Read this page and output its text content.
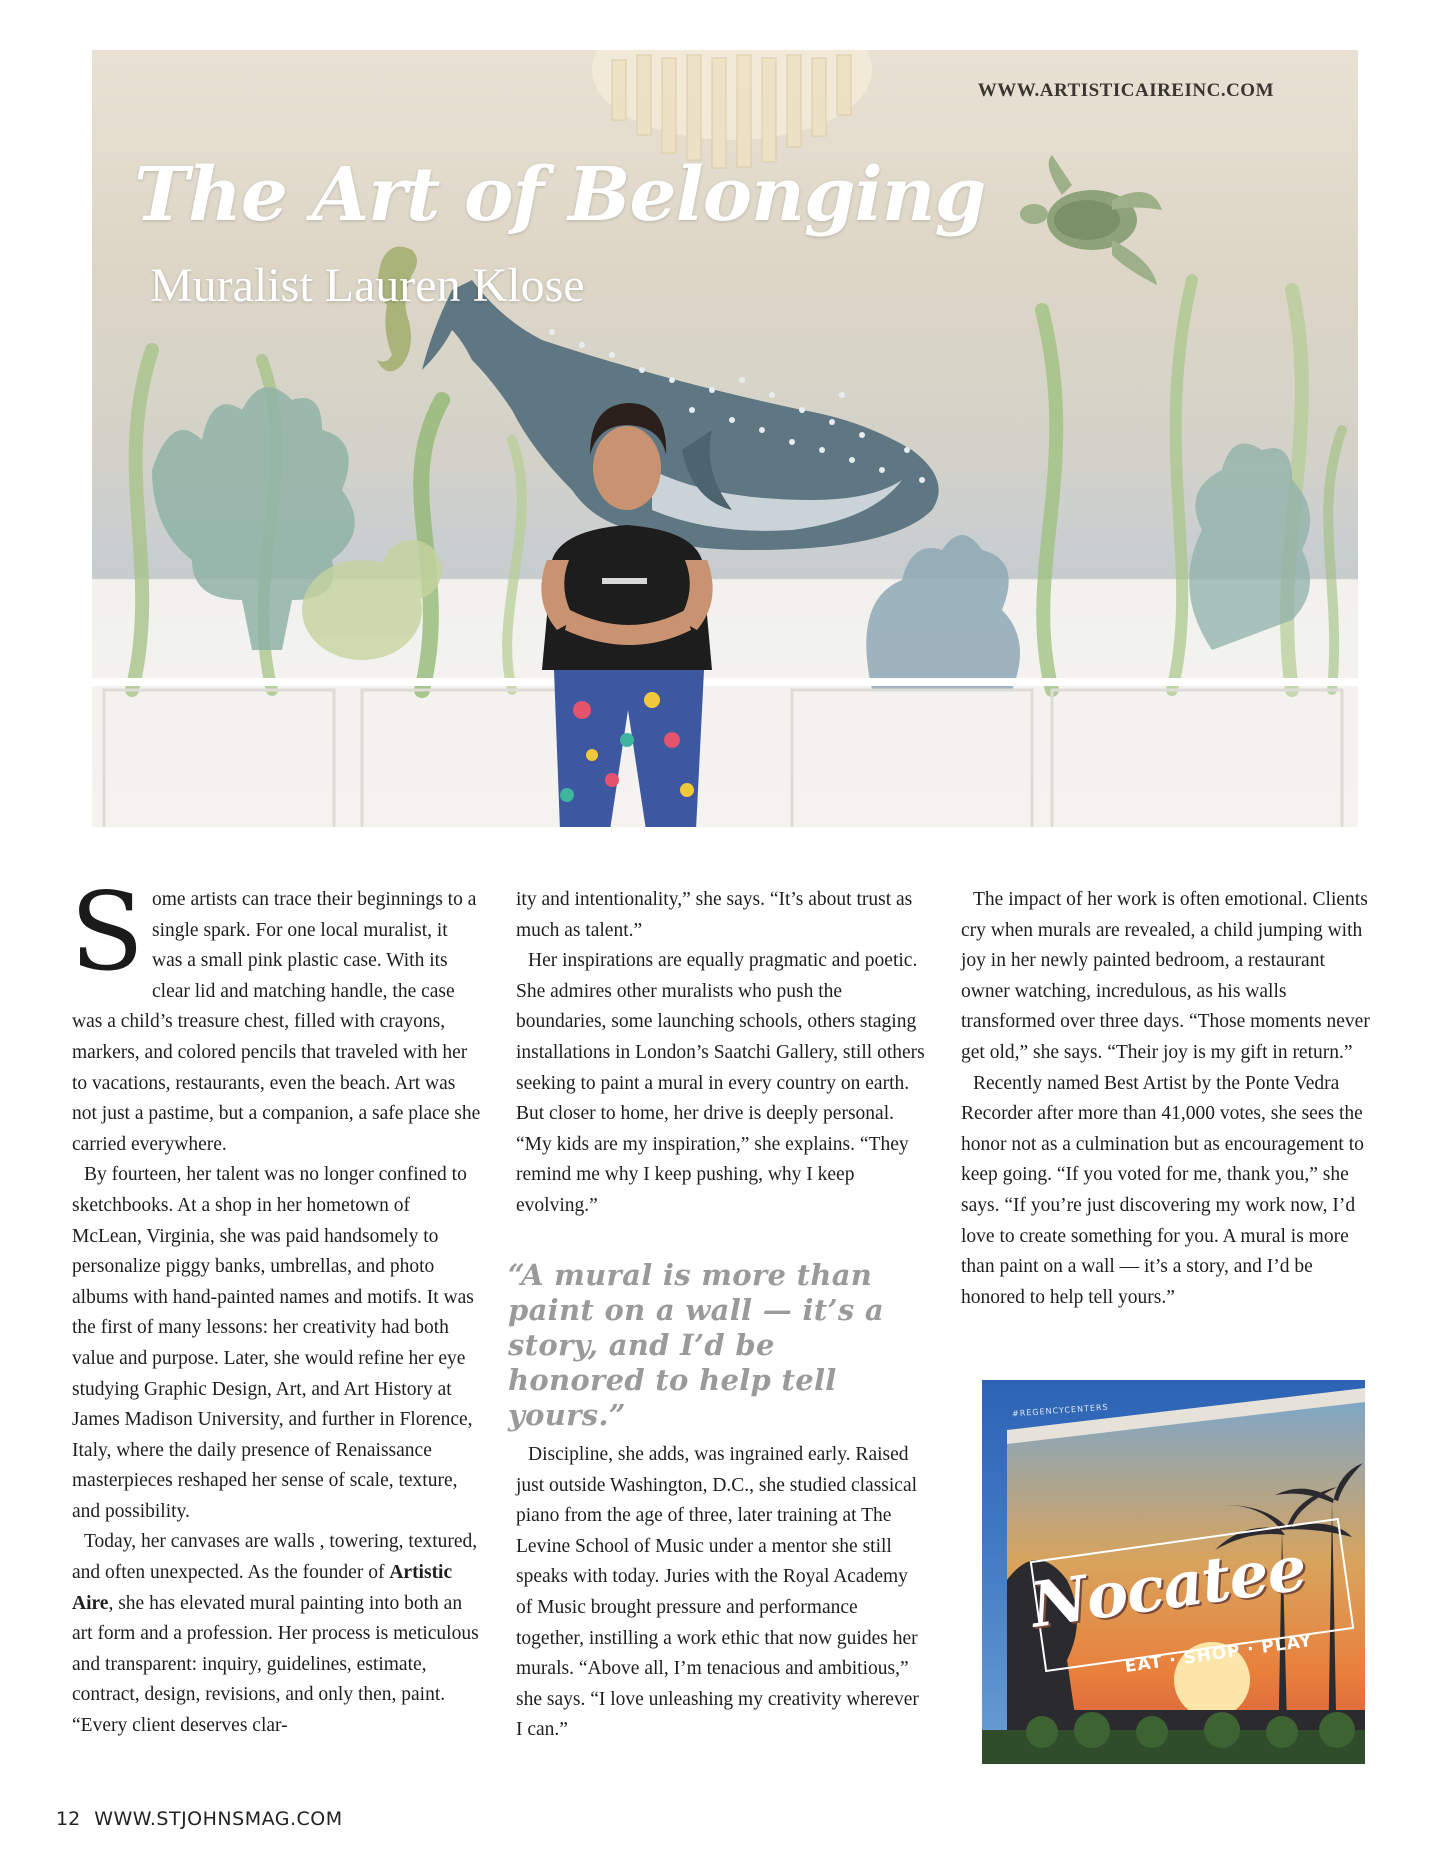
WWW.ARTISTICAIREINC.COM
The Art of Belonging
Muralist Lauren Klose

Some artists can trace their beginnings to a single spark. For one local muralist, it was a small pink plastic case. With its clear lid and matching handle, the case was a child’s treasure chest, filled with crayons, markers, and colored pencils that traveled with her to vacations, restaurants, even the beach. Art was not just a pastime, but a companion, a safe place she carried everywhere.

By fourteen, her talent was no longer confined to sketchbooks. At a shop in her hometown of McLean, Virginia, she was paid handsomely to personalize piggy banks, umbrellas, and photo albums with hand-painted names and motifs. It was the first of many lessons: her creativity had both value and purpose. Later, she would refine her eye studying Graphic Design, Art, and Art History at James Madison University, and further in Florence, Italy, where the daily presence of Renaissance masterpieces reshaped her sense of scale, texture, and possibility.

Today, her canvases are walls , towering, textured, and often unexpected. As the founder of Artistic Aire, she has elevated mural painting into both an art form and a profession. Her process is meticulous and transparent: inquiry, guidelines, estimate, contract, design, revisions, and only then, paint. “Every client deserves clar-

ity and intentionality,” she says. “It’s about trust as much as talent.”

Her inspirations are equally pragmatic and poetic. She admires other muralists who push the boundaries, some launching schools, others staging installations in London’s Saatchi Gallery, still others seeking to paint a mural in every country on earth. But closer to home, her drive is deeply personal. “My kids are my inspiration,” she explains. “They remind me why I keep pushing, why I keep evolving.”

“A mural is more than paint on a wall — it’s a story, and I’d be honored to help tell yours.”

Discipline, she adds, was ingrained early. Raised just outside Washington, D.C., she studied classical piano from the age of three, later training at The Levine School of Music under a mentor she still speaks with today. Juries with the Royal Academy of Music brought pressure and performance together, instilling a work ethic that now guides her murals. “Above all, I’m tenacious and ambitious,” she says. “I love unleashing my creativity wherever I can.”

The impact of her work is often emotional. Clients cry when murals are revealed, a child jumping with joy in her newly painted bedroom, a restaurant owner watching, incredulous, as his walls transformed over three days. “Those moments never get old,” she says. “Their joy is my gift in return.”

Recently named Best Artist by the Ponte Vedra Recorder after more than 41,000 votes, she sees the honor not as a culmination but as encouragement to keep going. “If you voted for me, thank you,” she says. “If you’re just discovering my work now, I’d love to create something for you. A mural is more than paint on a wall — it’s a story, and I’d be honored to help tell yours.”

#REGENCYCENTERS
Nocatee
EAT · SHOP · PLAY
12 WWW.STJOHNSMAG.COM
